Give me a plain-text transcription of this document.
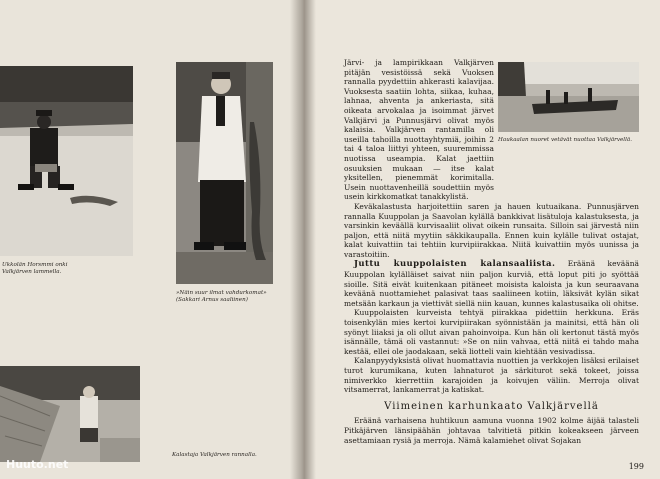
Ukkolän Horsmmi onki
Valkjärven lammella.
»Näin suur ilmat vahdurkomat»
(Sakkari Arnus saaliinen)
Kalastaja Valkjärven rannalla.
Haukaalan nuoret vetävät nuottaa Valkjärvellä.

Järvi- ja lampirikkaan Valkjärven pitäjän vesistöissä sekä Vuoksen rannalla pyydettiin ahkerasti kalavijaa. Vuoksesta saatiin lohta, siikaa, kuhaa, lahnaa, ahventa ja ankeriasta, sitä oikeata arvokalaa ja isoimmat järvet Valkjärvi ja Punnusjärvi olivat myös kalaisia. Valkjärven rantamilla oli useilla tahoilla nuottayhtymiä, joihin 2 tai 4 taloa liittyi yhteen, suuremmissa nuotissa useampia. Kalat jaettiin osuuksien mukaan — itse kalat yksitellen, pienemmät korimitalla. Usein nuottavenheillä soudettiin myös usein kirkkomatkat tanakkylistä.

Keväkalastusta harjoitettiin saren ja hauen kutuaikana. Punnusjärven rannalla Kuuppolan ja Saavolan kylällä bankkivat lisätuloja kalastuksesta, ja varsinkin keväällä kurvisaaliit olivat oikein runsaita. Silloin sai järvestä niin paljon, että niitä myytiin säkkikaupalla. Ennen kuin kylälle tulivat ostajat, kalat kuivattiin tai tehtiin kurvipiirakkaa. Niitä kuivattiin myös uunissa ja varastoitiin.

Juttu kuuppolaisten kalansaaliista. Eräänä keväänä Kuuppolan kylälläiset saivat niin paljon kurviä, että loput piti jo syöttää sioille. Sitä eivät kuitenkaan pitäneet moisista kaloista ja kun seuraavana keväänä nuottamiehet palasivat taas saaliineen kotiin, läksivät kylän sikat metsään karkaun ja viettivät siellä niin kauan, kunnes kalastusaika oli ohitse.

Kuuppolaisten kurveista tehtyä piirakkaa pidettiin herkkuna. Eräs toisenkylän mies kertoi kurvipiirakan syönnistään ja mainitsi, että hän oli syönyt liiaksi ja oli ollut aivan pahoinvoipa. Kun hän oli kertonut tästä myös isännälle, tämä oli vastannut: »Se on niin vahvaa, että niitä ei tahdo maha kestää, ellei ole jaodakaan, sekä liotteli vain kiehtään vesivadissa.

Kalanpyydyksistä olivat huomattavia nuottien ja verkkojen lisäksi erilaiset turot kurumikana, kuten lahnaturot ja särkiturot sekä tokeet, joissa nimiverkko kierrettiin karajoiden ja koivujen väliin. Merroja olivat vitsamerrat, lankamerrat ja katiskat.

Viimeinen karhunkaato Valkjärvellä

Eräänä varhaisena huhtikuun aamuna vuonna 1902 kolme äijää talasteli Pitkäjärven länsipäähän johtavaa talvitietä pitkin kokeakseen järveen asettamiaan rysiä ja merroja. Nämä kalamiehet olivat Sojakan

199
Huuto.net
